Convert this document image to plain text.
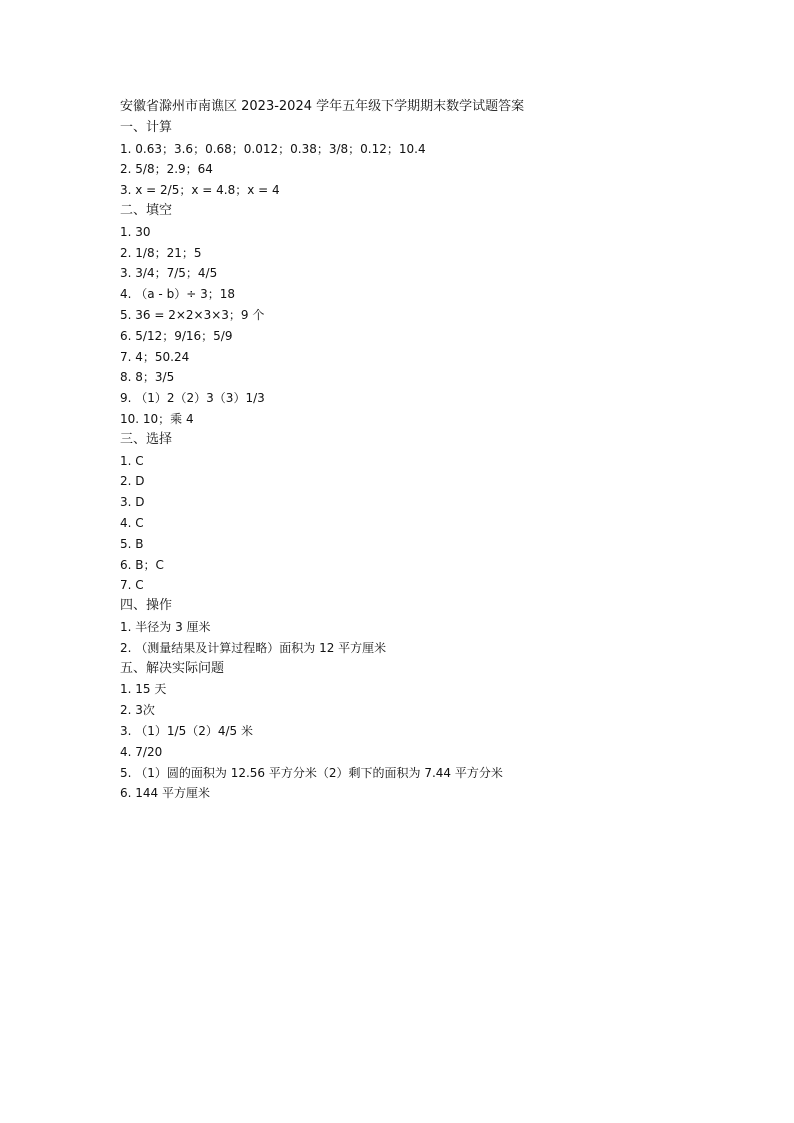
安徽省滁州市南谯区 2023-2024 学年五年级下学期期末数学试题答案
一、计算
1. 0.63；3.6；0.68；0.012；0.38；3/8；0.12；10.4
2. 5/8；2.9；64
3. x = 2/5；x = 4.8；x = 4
二、填空
1. 30
2. 1/8；21；5
3. 3/4；7/5；4/5
4. （a - b）÷ 3；18
5. 36 = 2×2×3×3；9 个
6. 5/12；9/16；5/9
7. 4；50.24
8. 8；3/5
9. （1）2（2）3（3）1/3
10. 10；乘 4
三、选择
1. C
2. D
3. D
4. C
5. B
6. B；C
7. C
四、操作
1. 半径为 3 厘米
2. （测量结果及计算过程略）面积为 12 平方厘米
五、解决实际问题
1. 15 天
2. 3次
3. （1）1/5（2）4/5 米
4. 7/20
5. （1）圆的面积为 12.56 平方分米（2）剩下的面积为 7.44 平方分米
6. 144 平方厘米
